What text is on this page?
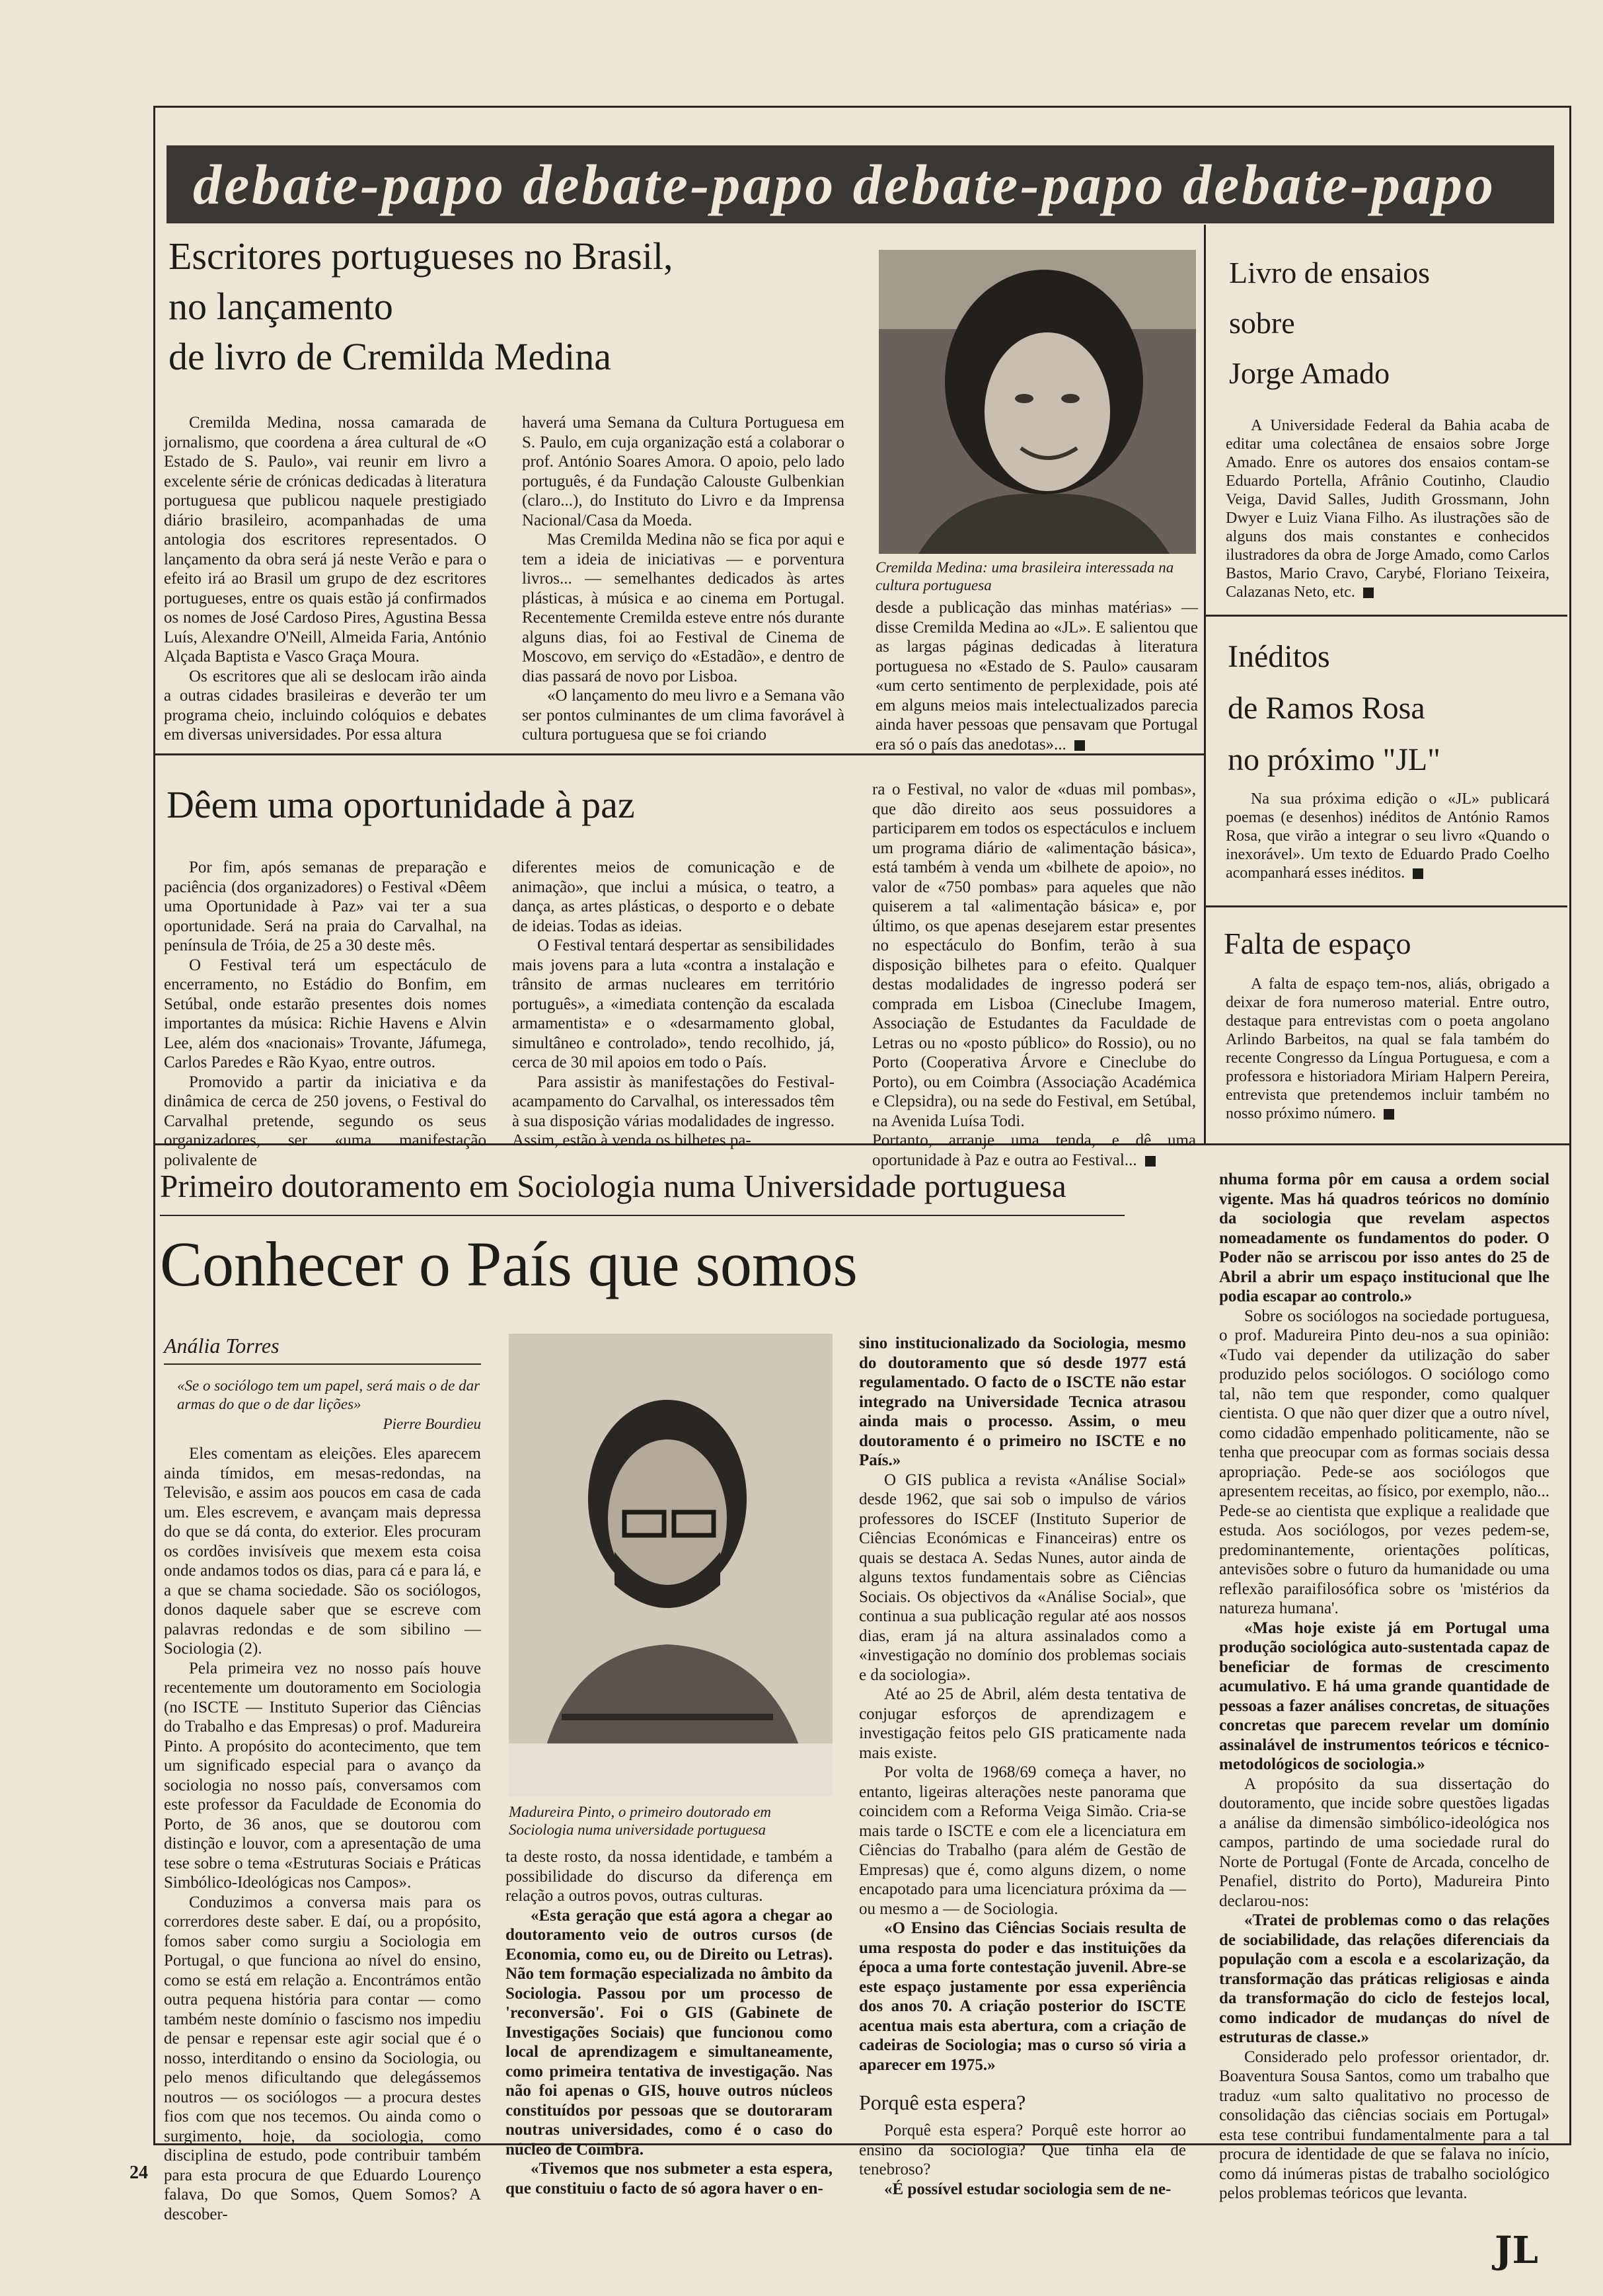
debate-papo debate-papo debate-papo debate-papo
Escritores portugueses no Brasil,
no lançamento
de livro de Cremilda Medina

Cremilda Medina, nossa camarada de jornalismo, que coordena a área cultural de «O Estado de S. Paulo», vai reunir em livro a excelente série de crónicas dedicadas à literatura portuguesa que publicou naquele prestigiado diário brasileiro, acompanhadas de uma antologia dos escritores representados. O lançamento da obra será já neste Verão e para o efeito irá ao Brasil um grupo de dez escritores portugueses, entre os quais estão já confirmados os nomes de José Cardoso Pires, Agustina Bessa Luís, Alexandre O'Neill, Almeida Faria, António Alçada Baptista e Vasco Graça Moura.

Os escritores que ali se deslocam irão ainda a outras cidades brasileiras e deverão ter um programa cheio, incluindo colóquios e debates em diversas universidades. Por essa altura

haverá uma Semana da Cultura Portuguesa em S. Paulo, em cuja organização está a colaborar o prof. António Soares Amora. O apoio, pelo lado português, é da Fundação Calouste Gulbenkian (claro...), do Instituto do Livro e da Imprensa Nacional/Casa da Moeda.

Mas Cremilda Medina não se fica por aqui e tem a ideia de iniciativas — e porventura livros... — semelhantes dedicados às artes plásticas, à música e ao cinema em Portugal. Recentemente Cremilda esteve entre nós durante alguns dias, foi ao Festival de Cinema de Moscovo, em serviço do «Estadão», e dentro de dias passará de novo por Lisboa.

«O lançamento do meu livro e a Semana vão ser pontos culminantes de um clima favorável à cultura portuguesa que se foi criando

Cremilda Medina: uma brasileira interessada na cultura portuguesa

desde a publicação das minhas matérias» — disse Cremilda Medina ao «JL». E salientou que as largas páginas dedicadas à literatura portuguesa no «Estado de S. Paulo» causaram «um certo sentimento de perplexidade, pois até em alguns meios mais intelectualizados parecia ainda haver pessoas que pensavam que Portugal era só o país das anedotas»...

Livro de ensaios
sobre
Jorge Amado

A Universidade Federal da Bahia acaba de editar uma colectânea de ensaios sobre Jorge Amado. Enre os autores dos ensaios contam-se Eduardo Portella, Afrânio Coutinho, Claudio Veiga, David Salles, Judith Grossmann, John Dwyer e Luiz Viana Filho. As ilustrações são de alguns dos mais constantes e conhecidos ilustradores da obra de Jorge Amado, como Carlos Bastos, Mario Cravo, Carybé, Floriano Teixeira, Calazanas Neto, etc.

Inéditos
de Ramos Rosa
no próximo "JL"

Na sua próxima edição o «JL» publicará poemas (e desenhos) inéditos de António Ramos Rosa, que virão a integrar o seu livro «Quando o inexorável». Um texto de Eduardo Prado Coelho acompanhará esses inéditos.

Falta de espaço

A falta de espaço tem-nos, aliás, obrigado a deixar de fora numeroso material. Entre outro, destaque para entrevistas com o poeta angolano Arlindo Barbeitos, na qual se fala também do recente Congresso da Língua Portuguesa, e com a professora e historiadora Miriam Halpern Pereira, entrevista que pretendemos incluir também no nosso próximo número.

Dêem uma oportunidade à paz

Por fim, após semanas de preparação e paciência (dos organizadores) o Festival «Dêem uma Oportunidade à Paz» vai ter a sua oportunidade. Será na praia do Carvalhal, na península de Tróia, de 25 a 30 deste mês.

O Festival terá um espectáculo de encerramento, no Estádio do Bonfim, em Setúbal, onde estarão presentes dois nomes importantes da música: Richie Havens e Alvin Lee, além dos «nacionais» Trovante, Jáfumega, Carlos Paredes e Rão Kyao, entre outros.

Promovido a partir da iniciativa e da dinâmica de cerca de 250 jovens, o Festival do Carvalhal pretende, segundo os seus organizadores, ser «uma manifestação polivalente de

diferentes meios de comunicação e de animação», que inclui a música, o teatro, a dança, as artes plásticas, o desporto e o debate de ideias. Todas as ideias.

O Festival tentará despertar as sensibilidades mais jovens para a luta «contra a instalação e trânsito de armas nucleares em território português», a «imediata contenção da escalada armamentista» e o «desarmamento global, simultâneo e controlado», tendo recolhido, já, cerca de 30 mil apoios em todo o País.

Para assistir às manifestações do Festival-acampamento do Carvalhal, os interessados têm à sua disposição várias modalidades de ingresso. Assim, estão à venda os bilhetes pa-

ra o Festival, no valor de «duas mil pombas», que dão direito aos seus possuidores a participarem em todos os espectáculos e incluem um programa diário de «alimentação básica», está também à venda um «bilhete de apoio», no valor de «750 pombas» para aqueles que não quiserem a tal «alimentação básica» e, por último, os que apenas desejarem estar presentes no espectáculo do Bonfim, terão à sua disposição bilhetes para o efeito. Qualquer destas modalidades de ingresso poderá ser comprada em Lisboa (Cineclube Imagem, Associação de Estudantes da Faculdade de Letras ou no «posto público» do Rossio), ou no Porto (Cooperativa Árvore e Cineclube do Porto), ou em Coimbra (Associação Académica e Clepsidra), ou na sede do Festival, em Setúbal, na Avenida Luísa Todi.

Portanto, arranje uma tenda, e dê uma oportunidade à Paz e outra ao Festival...

Primeiro doutoramento em Sociologia numa Universidade portuguesa
Conhecer o País que somos
Anália Torres
«Se o sociólogo tem um papel, será mais o de dar armas do que o de dar lições»
Pierre Bourdieu

Eles comentam as eleições. Eles aparecem ainda tímidos, em mesas-redondas, na Televisão, e assim aos poucos em casa de cada um. Eles escrevem, e avançam mais depressa do que se dá conta, do exterior. Eles procuram os cordões invisíveis que mexem esta coisa onde andamos todos os dias, para cá e para lá, e a que se chama sociedade. São os sociólogos, donos daquele saber que se escreve com palavras redondas e de som sibilino — Sociologia (2).

Pela primeira vez no nosso país houve recentemente um doutoramento em Sociologia (no ISCTE — Instituto Superior das Ciências do Trabalho e das Empresas) o prof. Madureira Pinto. A propósito do acontecimento, que tem um significado especial para o avanço da sociologia no nosso país, conversamos com este professor da Faculdade de Economia do Porto, de 36 anos, que se doutorou com distinção e louvor, com a apresentação de uma tese sobre o tema «Estruturas Sociais e Práticas Simbólico-Ideológicas nos Campos».

Conduzimos a conversa mais para os correrdores deste saber. E daí, ou a propósito, fomos saber como surgiu a Sociologia em Portugal, o que funciona ao nível do ensino, como se está em relação a. Encontrámos então outra pequena história para contar — como também neste domínio o fascismo nos impediu de pensar e repensar este agir social que é o nosso, interditando o ensino da Sociologia, ou pelo menos dificultando que delegássemos noutros — os sociólogos — a procura destes fios com que nos tecemos. Ou ainda como o surgimento, hoje, da sociologia, como disciplina de estudo, pode contribuir também para esta procura de que Eduardo Lourenço falava, Do que Somos, Quem Somos? A descober-

Madureira Pinto, o primeiro doutorado em Sociologia numa universidade portuguesa

ta deste rosto, da nossa identidade, e também a possibilidade do discurso da diferença em relação a outros povos, outras culturas.

«Esta geração que está agora a chegar ao doutoramento veio de outros cursos (de Economia, como eu, ou de Direito ou Letras). Não tem formação especializada no âmbito da Sociologia. Passou por um processo de 'reconversão'. Foi o GIS (Gabinete de Investigações Sociais) que funcionou como local de aprendizagem e simultaneamente, como primeira tentativa de investigação. Nas não foi apenas o GIS, houve outros núcleos constituídos por pessoas que se doutoraram noutras universidades, como é o caso do núcleo de Coimbra.

«Tivemos que nos submeter a esta espera, que constituiu o facto de só agora haver o en-

sino institucionalizado da Sociologia, mesmo do doutoramento que só desde 1977 está regulamentado. O facto de o ISCTE não estar integrado na Universidade Tecnica atrasou ainda mais o processo. Assim, o meu doutoramento é o primeiro no ISCTE e no País.»

O GIS publica a revista «Análise Social» desde 1962, que sai sob o impulso de vários professores do ISCEF (Instituto Superior de Ciências Económicas e Financeiras) entre os quais se destaca A. Sedas Nunes, autor ainda de alguns textos fundamentais sobre as Ciências Sociais. Os objectivos da «Análise Social», que continua a sua publicação regular até aos nossos dias, eram já na altura assinalados como a «investigação no domínio dos problemas sociais e da sociologia».

Até ao 25 de Abril, além desta tentativa de conjugar esforços de aprendizagem e investigação feitos pelo GIS praticamente nada mais existe.

Por volta de 1968/69 começa a haver, no entanto, ligeiras alterações neste panorama que coincidem com a Reforma Veiga Simão. Cria-se mais tarde o ISCTE e com ele a licenciatura em Ciências do Trabalho (para além de Gestão de Empresas) que é, como alguns dizem, o nome encapotado para uma licenciatura próxima da — ou mesmo a — de Sociologia.

«O Ensino das Ciências Sociais resulta de uma resposta do poder e das instituições da época a uma forte contestação juvenil. Abre-se este espaço justamente por essa experiência dos anos 70. A criação posterior do ISCTE acentua mais esta abertura, com a criação de cadeiras de Sociologia; mas o curso só viria a aparecer em 1975.»

Porquê esta espera?

Porquê esta espera? Porquê este horror ao ensino da sociologia? Que tinha ela de tenebroso?

«É possível estudar sociologia sem de ne-

nhuma forma pôr em causa a ordem social vigente. Mas há quadros teóricos no domínio da sociologia que revelam aspectos nomeadamente os fundamentos do poder. O Poder não se arriscou por isso antes do 25 de Abril a abrir um espaço institucional que lhe podia escapar ao controlo.»

Sobre os sociólogos na sociedade portuguesa, o prof. Madureira Pinto deu-nos a sua opinião: «Tudo vai depender da utilização do saber produzido pelos sociólogos. O sociólogo como tal, não tem que responder, como qualquer cientista. O que não quer dizer que a outro nível, como cidadão empenhado politicamente, não se tenha que preocupar com as formas sociais dessa apropriação. Pede-se aos sociólogos que apresentem receitas, ao físico, por exemplo, não... Pede-se ao cientista que explique a realidade que estuda. Aos sociólogos, por vezes pedem-se, predominantemente, orientações políticas, antevisões sobre o futuro da humanidade ou uma reflexão paraifilosófica sobre os 'mistérios da natureza humana'.

«Mas hoje existe já em Portugal uma produção sociológica auto-sustentada capaz de beneficiar de formas de crescimento acumulativo. E há uma grande quantidade de pessoas a fazer análises concretas, de situações concretas que parecem revelar um domínio assinalável de instrumentos teóricos e técnico-metodológicos de sociologia.»

A propósito da sua dissertação do doutoramento, que incide sobre questões ligadas a análise da dimensão simbólico-ideológica nos campos, partindo de uma sociedade rural do Norte de Portugal (Fonte de Arcada, concelho de Penafiel, distrito do Porto), Madureira Pinto declarou-nos:

«Tratei de problemas como o das relações de sociabilidade, das relações diferenciais da população com a escola e a escolarização, da transformação das práticas religiosas e ainda da transformação do ciclo de festejos local, como indicador de mudanças do nível de estruturas de classe.»

Considerado pelo professor orientador, dr. Boaventura Sousa Santos, como um trabalho que traduz «um salto qualitativo no processo de consolidação das ciências sociais em Portugal» esta tese contribui fundamentalmente para a tal procura de identidade de que se falava no início, como dá inúmeras pistas de trabalho sociológico pelos problemas teóricos que levanta.

24
JL
